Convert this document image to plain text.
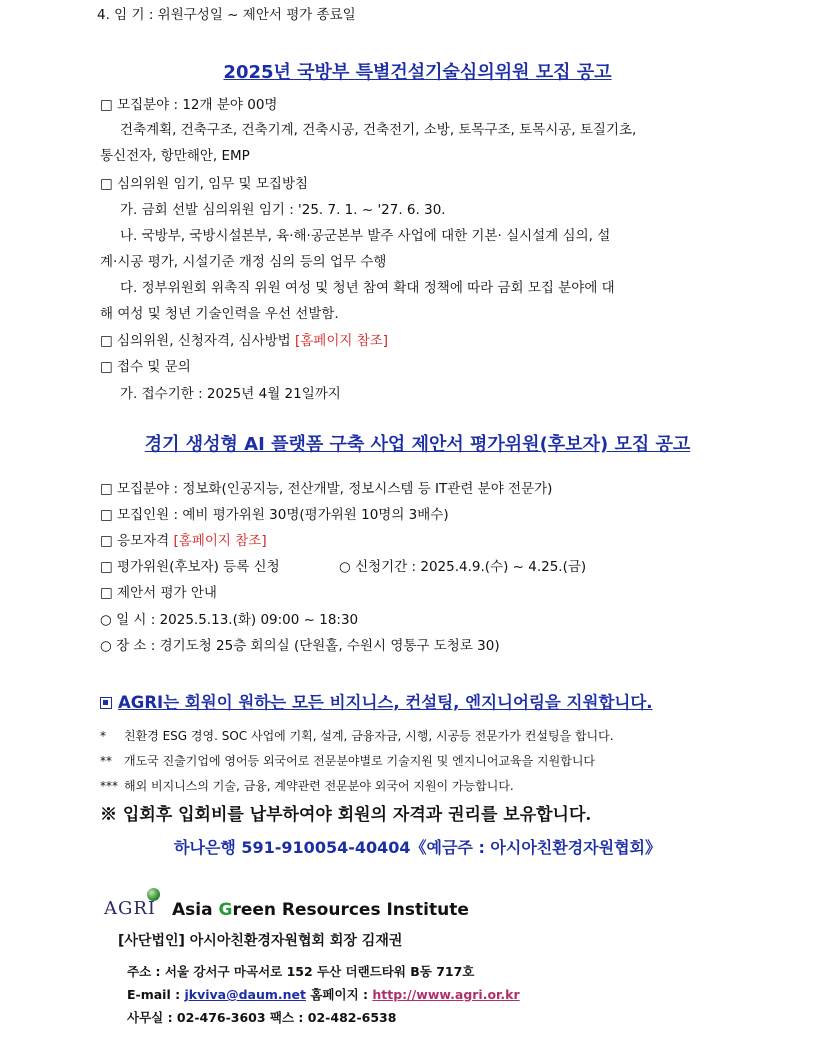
4. 임 기 : 위원구성일 ~ 제안서 평가 종료일
2025년 국방부 특별건설기술심의위원 모집 공고
□ 모집분야 : 12개 분야 00명
건축계획, 건축구조, 건축기계, 건축시공, 건축전기, 소방, 토목구조, 토목시공, 토질기초,
통신전자, 항만해안, EMP
□ 심의위원 임기, 임무 및 모집방침
가. 금회 선발 심의위원 임기 : '25. 7. 1. ~ '27. 6. 30.
나. 국방부, 국방시설본부, 육·해·공군본부 발주 사업에 대한 기본· 실시설계 심의, 설
계·시공 평가, 시설기준 개정 심의 등의 업무 수행
다. 정부위원회 위촉직 위원 여성 및 청년 참여 확대 정책에 따라 금회 모집 분야에 대
해 여성 및 청년 기술인력을 우선 선발함.
□ 심의위원, 신청자격, 심사방법 [홈페이지 참조]
□ 접수 및 문의
가. 접수기한 : 2025년 4월 21일까지
경기 생성형 AI 플랫폼 구축 사업 제안서 평가위원(후보자) 모집 공고
□ 모집분야 : 정보화(인공지능, 전산개발, 정보시스템 등 IT관련 분야 전문가)
□ 모집인원 : 예비 평가위원 30명(평가위원 10명의 3배수)
□ 응모자격 [홈페이지 참조]
□ 평가위원(후보자) 등록 신청	○ 신청기간 : 2025.4.9.(수) ~ 4.25.(금)
□ 제안서 평가 안내
○ 일 시 : 2025.5.13.(화) 09:00 ~ 18:30
○ 장 소 : 경기도청 25층 회의실 (단원홀, 수원시 영통구 도청로 30)
AGRI는 회원이 원하는 모든 비지니스, 컨설팅, 엔지니어링을 지원합니다.
* 친환경 ESG 경영. SOC 사업에 기획, 설계, 금융자금, 시행, 시공등 전문가가 컨설팅을 합니다.
** 개도국 진출기업에 영어등 외국어로 전문분야별로 기술지원 및 엔지니어교육을 지원합니다
*** 해외 비지니스의 기술, 금융, 계약관련 전문분야 외국어 지원이 가능합니다.
※ 입회후 입회비를 납부하여야 회원의 자격과 권리를 보유합니다.
하나은행 591-910054-40404《예금주 : 아시아친환경자원협회》
AGRI Asia Green Resources Institute
[사단법인] 아시아친환경자원협회 회장 김재권
주소 : 서울 강서구 마곡서로 152 두산 더랜드타워 B동 717호
E-mail : jkviva@daum.net 홈페이지 : http://www.agri.or.kr
사무실 : 02-476-3603 팩스 : 02-482-6538
